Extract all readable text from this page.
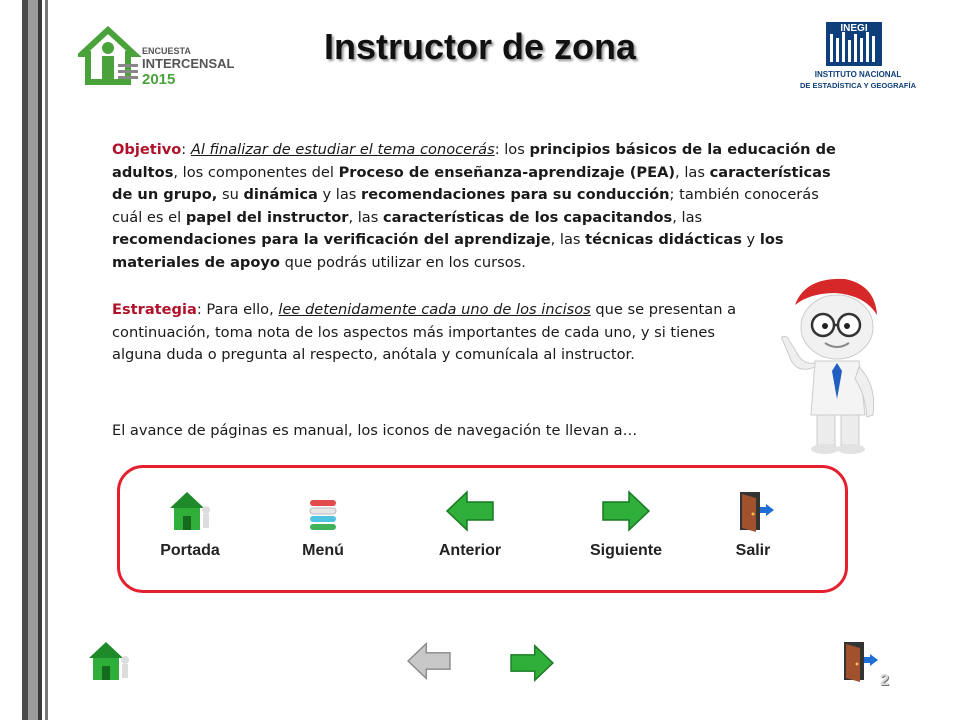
ENCUESTA
INTERCENSAL
2015
Instructor de zona	INEGI
INSTITUTO NACIONAL
DE ESTADÍSTICA Y GEOGRAFÍA
Objetivo: Al finalizar de estudiar el tema conocerás: los principios básicos de la educación de adultos, los componentes del Proceso de enseñanza-aprendizaje (PEA), las características de un grupo, su dinámica y las recomendaciones para su conducción; también conocerás cuál es el papel del instructor, las características de los capacitandos, las recomendaciones para la verificación del aprendizaje, las técnicas didácticas y los materiales de apoyo que podrás utilizar en los cursos.
Estrategia: Para ello, lee detenidamente cada uno de los incisos que se presentan a continuación, toma nota de los aspectos más importantes de cada uno, y si tienes alguna duda o pregunta al respecto, anótala y comunícala al instructor.
El avance de páginas es manual, los iconos de navegación te llevan a…
Portada	Menú	Anterior	Siguiente	Salir
2
